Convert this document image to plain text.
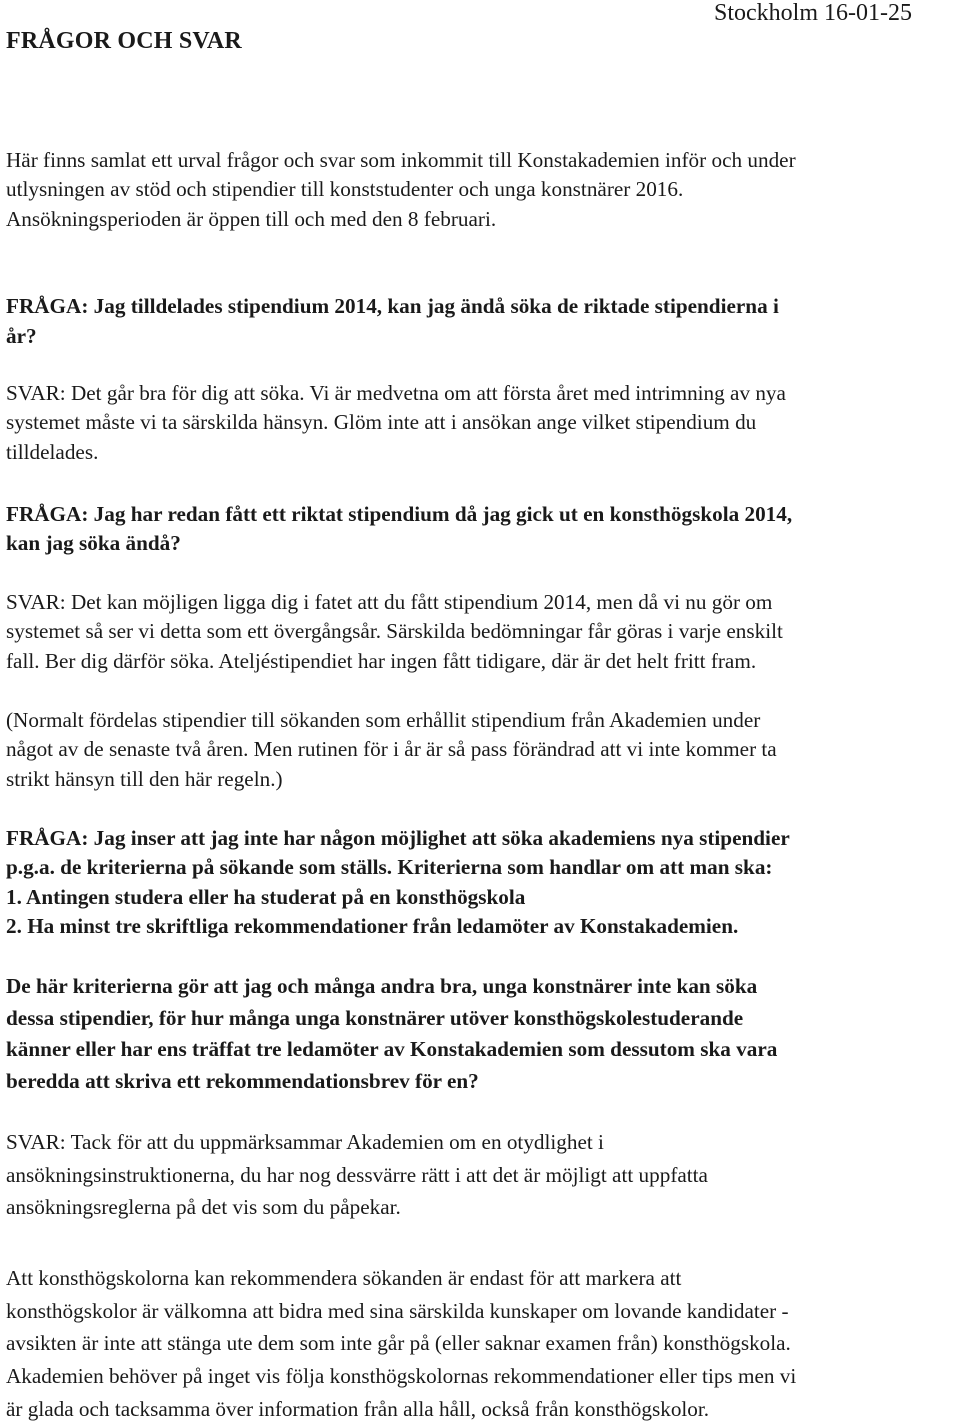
FRÅGOR OCH SVAR
Stockholm 16-01-25

Här finns samlat ett urval frågor och svar som inkommit till Konstakademien inför och under
utlysningen av stöd och stipendier till konststudenter och unga konstnärer 2016.
Ansökningsperioden är öppen till och med den 8 februari.

FRÅGA: Jag tilldelades stipendium 2014, kan jag ändå söka de riktade stipendierna i
år?

SVAR: Det går bra för dig att söka. Vi är medvetna om att första året med intrimning av nya
systemet måste vi ta särskilda hänsyn. Glöm inte att i ansökan ange vilket stipendium du
tilldelades.

FRÅGA: Jag har redan fått ett riktat stipendium då jag gick ut en konsthögskola 2014,
kan jag söka ändå?

SVAR: Det kan möjligen ligga dig i fatet att du fått stipendium 2014, men då vi nu gör om
systemet så ser vi detta som ett övergångsår. Särskilda bedömningar får göras i varje enskilt
fall. Ber dig därför söka. Ateljéstipendiet har ingen fått tidigare, där är det helt fritt fram.

(Normalt fördelas stipendier till sökanden som erhållit stipendium från Akademien under
något av de senaste två åren. Men rutinen för i år är så pass förändrad att vi inte kommer ta
strikt hänsyn till den här regeln.)

FRÅGA: Jag inser att jag inte har någon möjlighet att söka akademiens nya stipendier
p.g.a. de kriterierna på sökande som ställs. Kriterierna som handlar om att man ska:
1. Antingen studera eller ha studerat på en konsthögskola
2. Ha minst tre skriftliga rekommendationer från ledamöter av Konstakademien.

De här kriterierna gör att jag och många andra bra, unga konstnärer inte kan söka
dessa stipendier, för hur många unga konstnärer utöver konsthögskolestuderande
känner eller har ens träffat tre ledamöter av Konstakademien som dessutom ska vara
beredda att skriva ett rekommendationsbrev för en?

SVAR: Tack för att du uppmärksammar Akademien om en otydlighet i
ansökningsinstruktionerna, du har nog dessvärre rätt i att det är möjligt att uppfatta
ansökningsreglerna på det vis som du påpekar.

Att konsthögskolorna kan rekommendera sökanden är endast för att markera att
konsthögskolor är välkomna att bidra med sina särskilda kunskaper om lovande kandidater -
avsikten är inte att stänga ute dem som inte går på (eller saknar examen från) konsthögskola.
Akademien behöver på inget vis följa konsthögskolornas rekommendationer eller tips men vi
är glada och tacksamma över information från alla håll, också från konsthögskolor.
